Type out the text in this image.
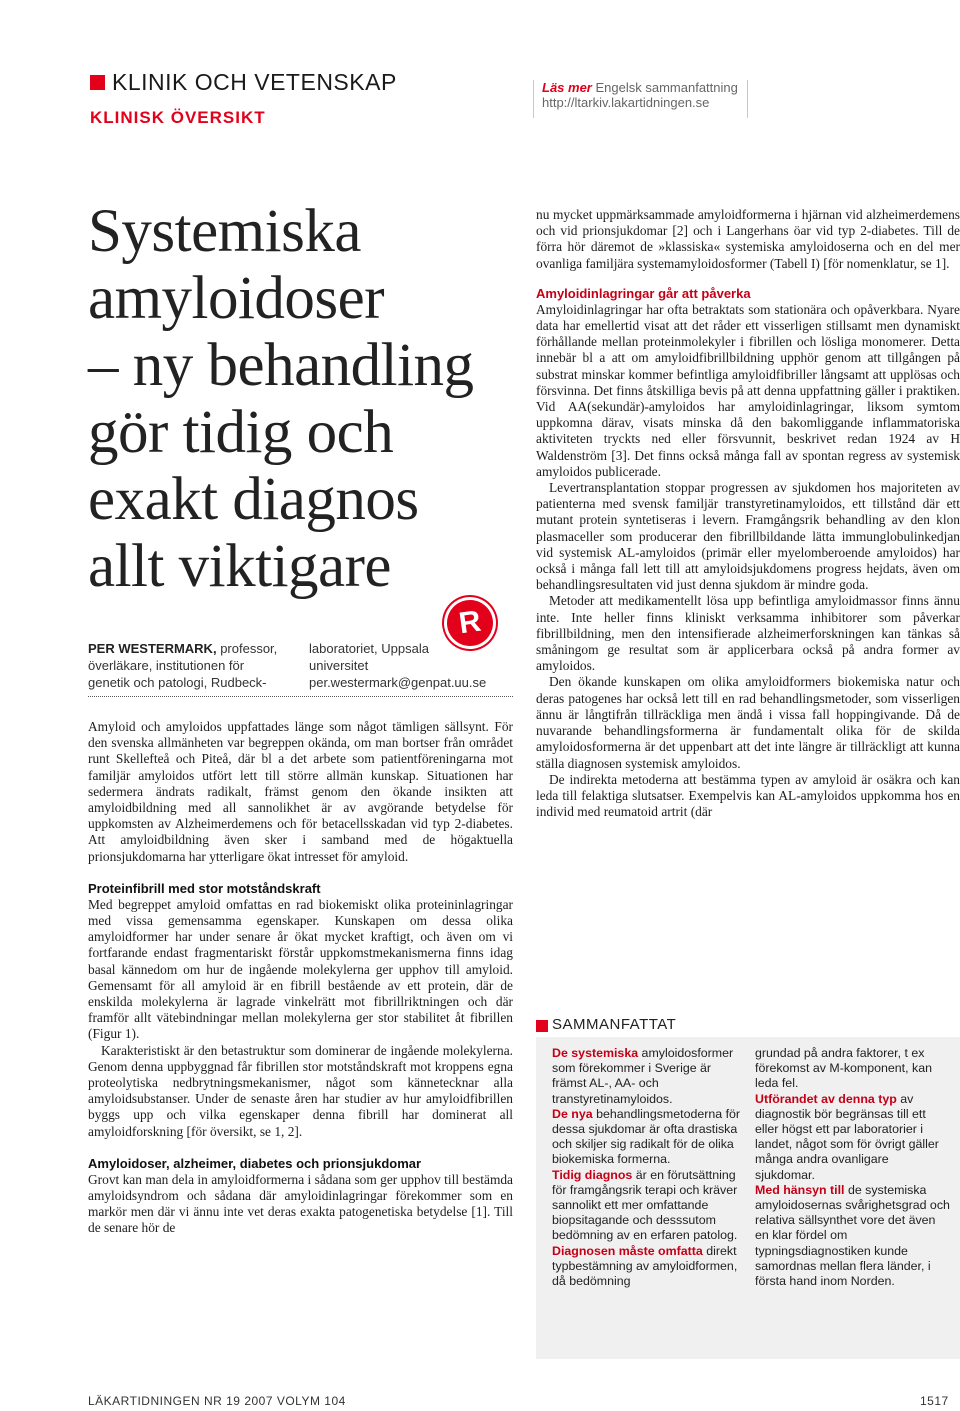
KLINIK OCH VETENSKAP
KLINISK ÖVERSIKT
Läs mer Engelsk sammanfattning
http://ltarkiv.lakartidningen.se
Systemiska
amyloidoser
– ny behandling
gör tidig och
exakt diagnos
allt viktigare
PER WESTERMARK, professor,
överläkare, institutionen för
genetik och patologi, Rudbeck-
laboratoriet, Uppsala
universitet
per.westermark@genpat.uu.se
R

Amyloid och amyloidos uppfattades länge som något tämligen sällsynt. För den svenska allmänheten var begreppen okända, om man bortser från området runt Skellefteå och Piteå, där bl a det arbete som patientföreningarna mot familjär amyloidos utfört lett till större allmän kunskap. Situationen har sedermera ändrats radikalt, främst genom den ökande insikten att amyloidbildning med all sannolikhet är av avgörande betydelse för uppkomsten av Alzheimerdemens och för betacellsskadan vid typ 2-diabetes. Att amyloidbildning även sker i samband med de högaktuella prionsjukdomarna har ytterligare ökat intresset för amyloid.

Proteinfibrill med stor motståndskraft

Med begreppet amyloid omfattas en rad biokemiskt olika proteininlagringar med vissa gemensamma egenskaper. Kunskapen om dessa olika amyloidformer har under senare år ökat mycket kraftigt, och även om vi fortfarande endast fragmentariskt förstår uppkomstmekanismerna finns idag basal kännedom om hur de ingående molekylerna ger upphov till amyloid. Gemensamt för all amyloid är en fibrill bestående av ett protein, där de enskilda molekylerna är lagrade vinkelrätt mot fibrillriktningen och där framför allt vätebindningar mellan molekylerna ger stor stabilitet åt fibrillen (Figur 1).

Karakteristiskt är den betastruktur som dominerar de ingående molekylerna. Genom denna uppbyggnad får fibrillen stor motståndskraft mot kroppens egna proteolytiska nedbrytningsmekanismer, något som kännetecknar alla amyloidsubstanser. Under de senaste åren har studier av hur amyloidfibrillen byggs upp och vilka egenskaper denna fibrill har dominerat all amyloidforskning [för översikt, se 1, 2].

Amyloidoser, alzheimer, diabetes och prionsjukdomar

Grovt kan man dela in amyloidformerna i sådana som ger upphov till bestämda amyloidsyndrom och sådana där amyloidinlagringar förekommer som en markör men där vi ännu inte vet deras exakta patogenetiska betydelse [1]. Till de senare hör de

nu mycket uppmärksammade amyloidformerna i hjärnan vid alzheimerdemens och vid prionsjukdomar [2] och i Langerhans öar vid typ 2-diabetes. Till de förra hör däremot de »klassiska« systemiska amyloidoserna och en del mer ovanliga familjära systemamyloidosformer (Tabell I) [för nomenklatur, se 1].

Amyloidinlagringar går att påverka

Amyloidinlagringar har ofta betraktats som stationära och opåverkbara. Nyare data har emellertid visat att det råder ett visserligen stillsamt men dynamiskt förhållande mellan proteinmolekyler i fibrillen och lösliga monomerer. Detta innebär bl a att om amyloidfibrillbildning upphör genom att tillgången på substrat minskar kommer befintliga amyloidfibriller långsamt att upplösas och försvinna. Det finns åtskilliga bevis på att denna uppfattning gäller i praktiken. Vid AA(sekundär)-amyloidos har amyloidinlagringar, liksom symtom uppkomna därav, visats minska då den bakomliggande inflammatoriska aktiviteten tryckts ned eller försvunnit, beskrivet redan 1924 av H Waldenström [3]. Det finns också många fall av spontan regress av systemisk amyloidos publicerade.

Levertransplantation stoppar progressen av sjukdomen hos majoriteten av patienterna med svensk familjär transtyretinamyloidos, ett tillstånd där ett mutant protein syntetiseras i levern. Framgångsrik behandling av den klon plasmaceller som producerar den fibrillbildande lätta immunglobulinkedjan vid systemisk AL-amyloidos (primär eller myelomberoende amyloidos) har också i många fall lett till att amyloidsjukdomens progress hejdats, även om behandlingsresultaten vid just denna sjukdom är mindre goda.

Metoder att medikamentellt lösa upp befintliga amyloidmassor finns ännu inte. Inte heller finns kliniskt verksamma inhibitorer som påverkar fibrillbildning, men den intensifierade alzheimerforskningen kan tänkas så småningom ge resultat som är applicerbara också på andra former av amyloidos.

Den ökande kunskapen om olika amyloidformers biokemiska natur och deras patogenes har också lett till en rad behandlingsmetoder, som visserligen ännu är långtifrån tillräckliga men ändå i vissa fall hoppingivande. Då de nuvarande behandlingsformerna är fundamentalt olika för de skilda amyloidosformerna är det uppenbart att det inte längre är tillräckligt att kunna ställa diagnosen systemisk amyloidos.

De indirekta metoderna att bestämma typen av amyloid är osäkra och kan leda till felaktiga slutsatser. Exempelvis kan AL-amyloidos uppkomma hos en individ med reumatoid artrit (där

SAMMANFATTAT

De systemiska amyloidosformer som förekommer i Sverige är främst AL-, AA- och transtyretinamyloidos.

De nya behandlingsmetoderna för dessa sjukdomar är ofta drastiska och skiljer sig radikalt för de olika biokemiska formerna.

Tidig diagnos är en förutsättning för framgångsrik terapi och kräver sannolikt ett mer omfattande biopsitagande och desssutom bedömning av en erfaren patolog.

Diagnosen måste omfatta direkt typbestämning av amyloidformen, då bedömning

grundad på andra faktorer, t ex förekomst av M-komponent, kan leda fel.

Utförandet av denna typ av diagnostik bör begränsas till ett eller högst ett par laboratorier i landet, något som för övrigt gäller många andra ovanligare sjukdomar.

Med hänsyn till de systemiska amyloidosernas svårighetsgrad och relativa sällsynthet vore det även en klar fördel om typningsdiagnostiken kunde samordnas mellan flera länder, i första hand inom Norden.

LÄKARTIDNINGEN NR 19 2007 VOLYM 104	1517
